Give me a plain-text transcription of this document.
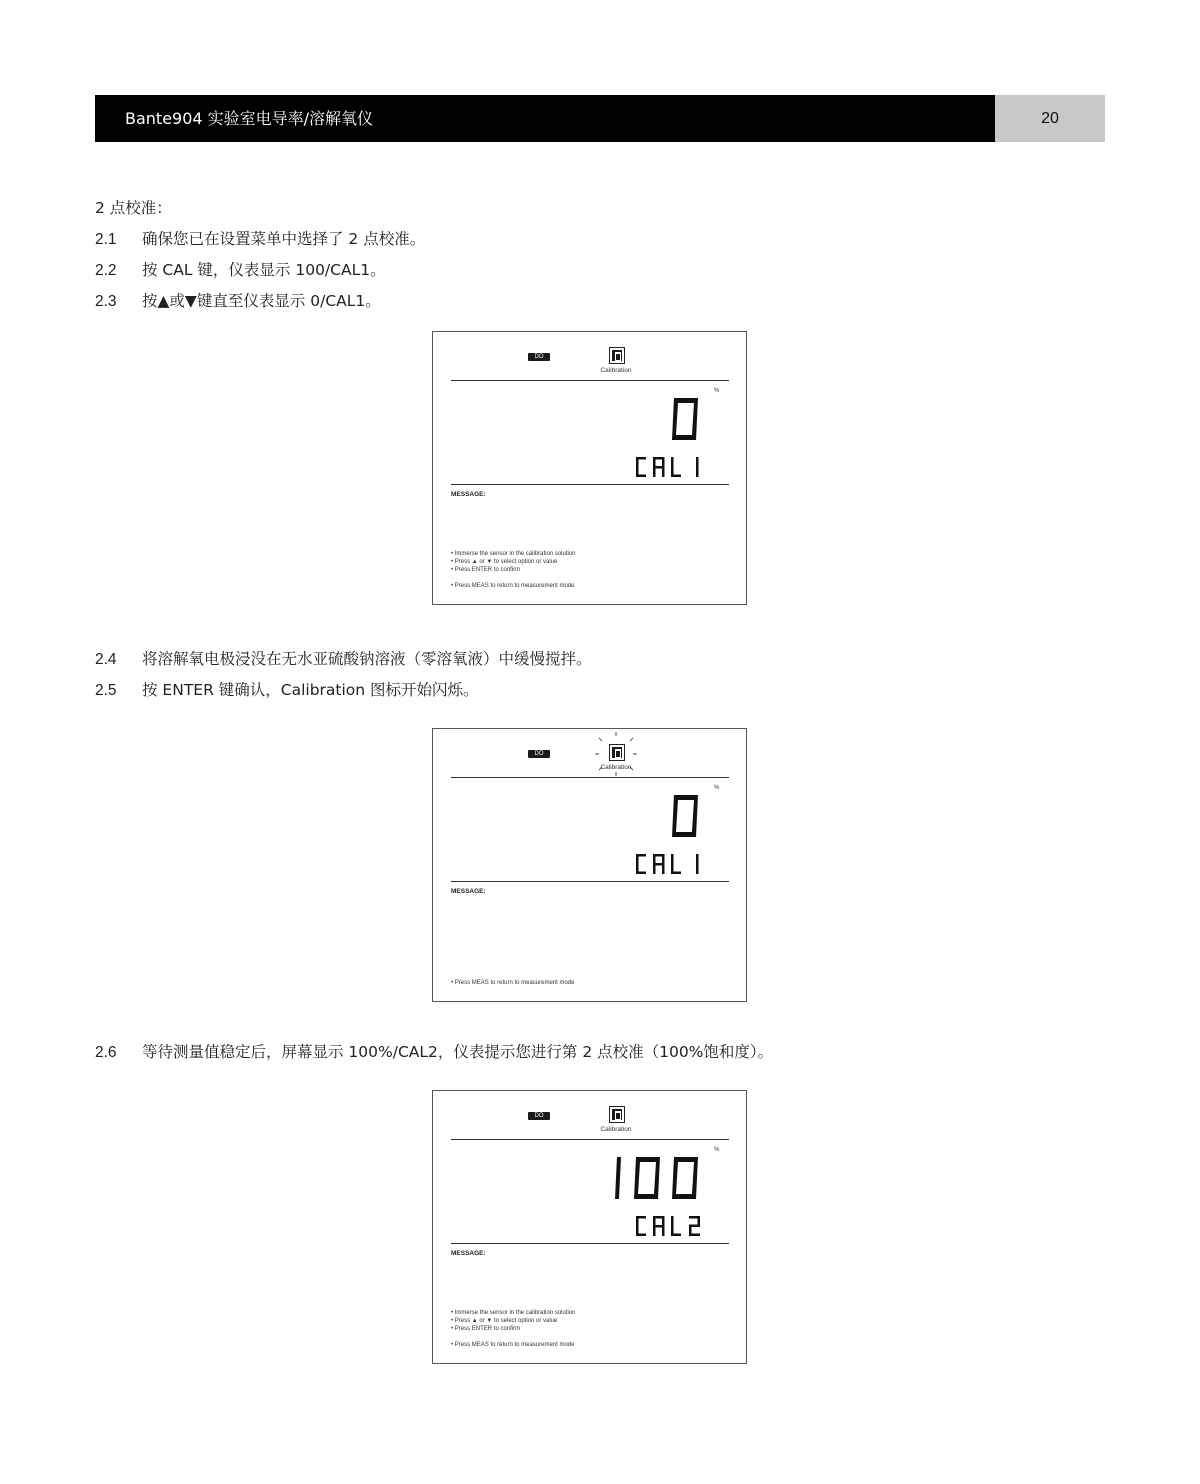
Bante904 实验室电导率/溶解氧仪	20
2 点校准：
2.1 确保您已在设置菜单中选择了 2 点校准。
2.2 按 CAL 键，仪表显示 100/CAL1。
2.3 按▲或▼键直至仪表显示 0/CAL1。
DO
Calibration
%
MESSAGE:
• Immerse the sensor in the calibration solution
• Press ▲ or ▼ to select option or value
• Press ENTER to confirm
• Press MEAS to return to measurement mode
2.4 将溶解氧电极浸没在无水亚硫酸钠溶液（零溶氧液）中缓慢搅拌。
2.5 按 ENTER 键确认，Calibration 图标开始闪烁。
DO
Calibration
%
MESSAGE:
• Press MEAS to return to measurement mode
2.6 等待测量值稳定后，屏幕显示 100%/CAL2，仪表提示您进行第 2 点校准（100%饱和度）。
DO
Calibration
%
MESSAGE:
• Immerse the sensor in the calibration solution
• Press ▲ or ▼ to select option or value
• Press ENTER to confirm
• Press MEAS to return to measurement mode
